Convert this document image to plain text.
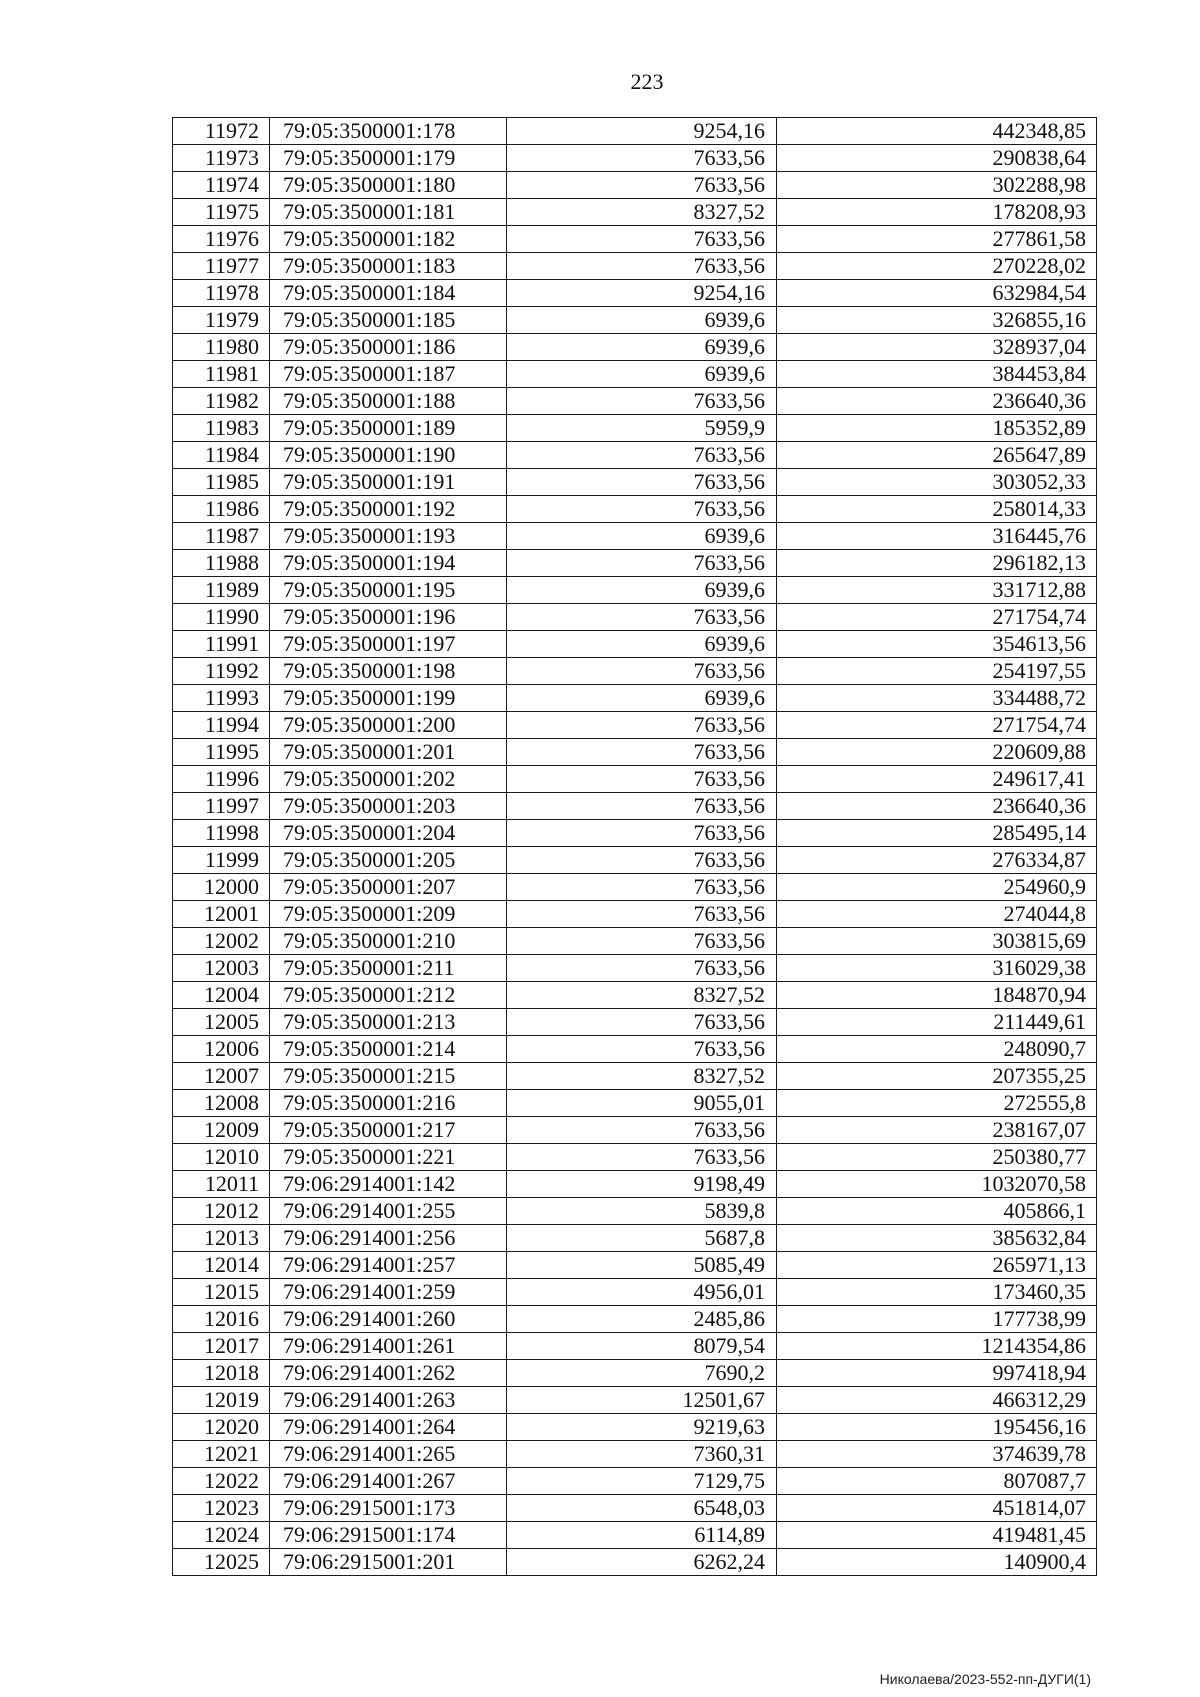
223
11972	79:05:3500001:178	9254,16	442348,85
11973	79:05:3500001:179	7633,56	290838,64
11974	79:05:3500001:180	7633,56	302288,98
11975	79:05:3500001:181	8327,52	178208,93
11976	79:05:3500001:182	7633,56	277861,58
11977	79:05:3500001:183	7633,56	270228,02
11978	79:05:3500001:184	9254,16	632984,54
11979	79:05:3500001:185	6939,6	326855,16
11980	79:05:3500001:186	6939,6	328937,04
11981	79:05:3500001:187	6939,6	384453,84
11982	79:05:3500001:188	7633,56	236640,36
11983	79:05:3500001:189	5959,9	185352,89
11984	79:05:3500001:190	7633,56	265647,89
11985	79:05:3500001:191	7633,56	303052,33
11986	79:05:3500001:192	7633,56	258014,33
11987	79:05:3500001:193	6939,6	316445,76
11988	79:05:3500001:194	7633,56	296182,13
11989	79:05:3500001:195	6939,6	331712,88
11990	79:05:3500001:196	7633,56	271754,74
11991	79:05:3500001:197	6939,6	354613,56
11992	79:05:3500001:198	7633,56	254197,55
11993	79:05:3500001:199	6939,6	334488,72
11994	79:05:3500001:200	7633,56	271754,74
11995	79:05:3500001:201	7633,56	220609,88
11996	79:05:3500001:202	7633,56	249617,41
11997	79:05:3500001:203	7633,56	236640,36
11998	79:05:3500001:204	7633,56	285495,14
11999	79:05:3500001:205	7633,56	276334,87
12000	79:05:3500001:207	7633,56	254960,9
12001	79:05:3500001:209	7633,56	274044,8
12002	79:05:3500001:210	7633,56	303815,69
12003	79:05:3500001:211	7633,56	316029,38
12004	79:05:3500001:212	8327,52	184870,94
12005	79:05:3500001:213	7633,56	211449,61
12006	79:05:3500001:214	7633,56	248090,7
12007	79:05:3500001:215	8327,52	207355,25
12008	79:05:3500001:216	9055,01	272555,8
12009	79:05:3500001:217	7633,56	238167,07
12010	79:05:3500001:221	7633,56	250380,77
12011	79:06:2914001:142	9198,49	1032070,58
12012	79:06:2914001:255	5839,8	405866,1
12013	79:06:2914001:256	5687,8	385632,84
12014	79:06:2914001:257	5085,49	265971,13
12015	79:06:2914001:259	4956,01	173460,35
12016	79:06:2914001:260	2485,86	177738,99
12017	79:06:2914001:261	8079,54	1214354,86
12018	79:06:2914001:262	7690,2	997418,94
12019	79:06:2914001:263	12501,67	466312,29
12020	79:06:2914001:264	9219,63	195456,16
12021	79:06:2914001:265	7360,31	374639,78
12022	79:06:2914001:267	7129,75	807087,7
12023	79:06:2915001:173	6548,03	451814,07
12024	79:06:2915001:174	6114,89	419481,45
12025	79:06:2915001:201	6262,24	140900,4
Николаева/2023-552-пп-ДУГИ(1)
